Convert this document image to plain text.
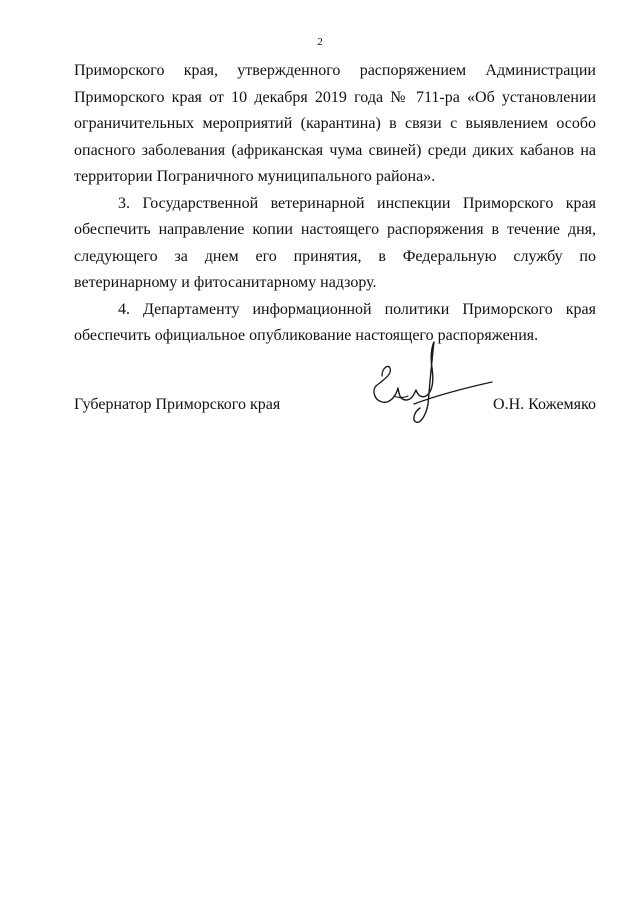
2

Приморского края, утвержденного распоряжением Администрации Приморского края от 10 декабря 2019 года № 711-ра «Об установлении ограничительных мероприятий (карантина) в связи с выявлением особо опасного заболевания (африканская чума свиней) среди диких кабанов на территории Пограничного муниципального района».

3. Государственной ветеринарной инспекции Приморского края обеспечить направление копии настоящего распоряжения в течение дня, следующего за днем его принятия, в Федеральную службу по ветеринарному и фитосанитарному надзору.

4. Департаменту информационной политики Приморского края обеспечить официальное опубликование настоящего распоряжения.

Губернатор Приморского края	О.Н. Кожемяко
